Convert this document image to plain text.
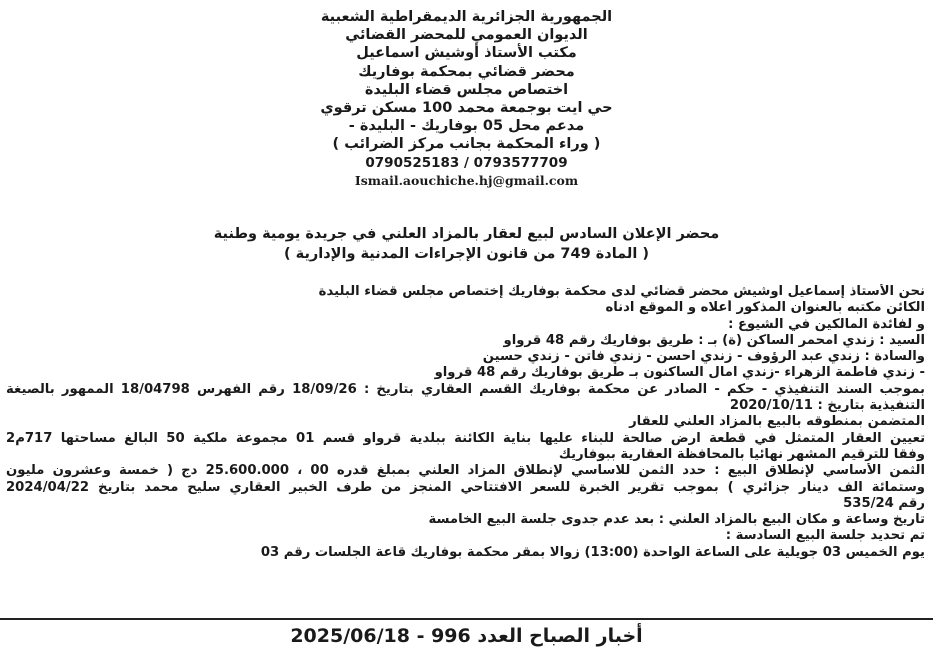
الجمهورية الجزائرية الديمقراطية الشعبية
الديوان العمومي للمحضر القضائي
مكتب الأستاذ أوشيش اسماعيل
محضر قضائي بمحكمة بوفاريك
اختصاص مجلس قضاء البليدة
حي ايت بوجمعة محمد 100 مسكن ترقوي
مدعم محل 05 بوفاريك - البليدة -
( وراء المحكمة بجانب مركز الضرائب )
0790525183 / 0793577709
Ismail.aouchiche.hj@gmail.com
محضر الإعلان السادس لبيع لعقار بالمزاد العلني في جريدة يومية وطنية
( المادة 749 من قانون الإجراءات المدنية والإدارية )
نحن الأستاذ إسماعيل اوشيش محضر قضائي لدى محكمة بوفاريك إختصاص مجلس قضاء البليدة
الكائن مكتبه بالعنوان المذكور أعلاه و الموقع ادناه
و لفائدة المالكين في الشيوع :
السيد : زندي امحمر الساكن (ة) بـ : طريق بوفاريك رقم 48 قرواو
والسادة : زندي عبد الرؤوف - زندي احسن - زندي فاتن - زندي حسين
- زندي فاطمة الزهراء -زندي امال الساكنون بـ طريق بوفاريك رقم 48 قرواو
بموجب السند التنفيذي - حكم - الصادر عن محكمة بوفاريك القسم العقاري بتاريخ : 18/09/26 رقم الفهرس 18/04798 الممهور بالصيغة
التنفيذية بتاريخ : 2020/10/11
المتضمن بمنطوقه بالبيع بالمزاد العلني للعقار
تعيين العقار المتمثل في قطعة ارض صالحة للبناء عليها بناية الكائنة ببلدية قرواو قسم 01 مجموعة ملكية 50 البالغ مساحتها 717م2
وفقا للترقيم المشهر نهائيا بالمحافظة العقارية ببوفاريك
الثمن الأساسي لإنطلاق البيع : حدد الثمن للاساسي لإنطلاق المزاد العلني بمبلغ قدره 00 ، 25.600.000 دج ( خمسة وعشرون مليون
وستمائة الف دينار جزائري ) بموجب تقرير الخبرة للسعر الافتتاحي المنجز من طرف الخبير العقاري سليح محمد بتاريخ 2024/04/22
رقم 535/24
تاريخ وساعة و مكان البيع بالمزاد العلني : بعد عدم جدوى جلسة البيع الخامسة
تم تحديد جلسة البيع السادسة :
يوم الخميس 03 جويلية على الساعة الواحدة (13:00) زوالا بمقر محكمة بوفاريك قاعة الجلسات رقم 03
أخبار الصباح العدد 996 - 2025/06/18
